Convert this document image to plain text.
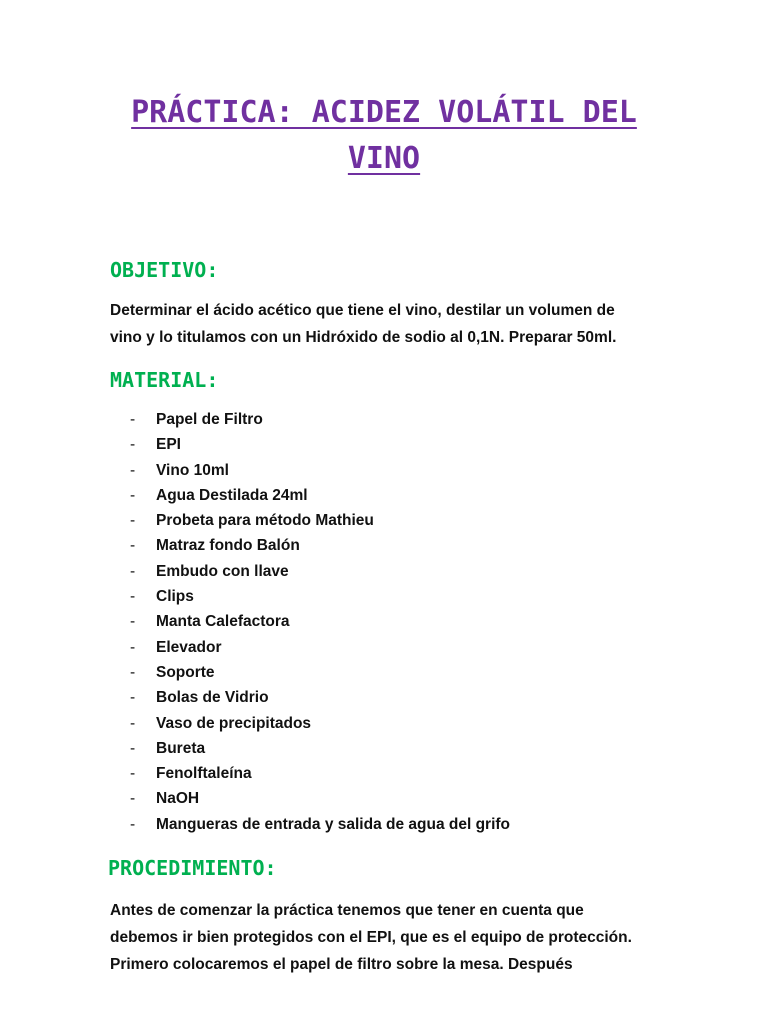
PRÁCTICA: ACIDEZ VOLÁTIL DEL
VINO
OBJETIVO:

Determinar el ácido acético que tiene el vino, destilar un volumen de
vino y lo titulamos con un Hidróxido de sodio al 0,1N. Preparar 50ml.

MATERIAL:
- Papel de Filtro
- EPI
- Vino 10ml
- Agua Destilada 24ml
- Probeta para método Mathieu
- Matraz fondo Balón
- Embudo con llave
- Clips
- Manta Calefactora
- Elevador
- Soporte
- Bolas de Vidrio
- Vaso de precipitados
- Bureta
- Fenolftaleína
- NaOH
- Mangueras de entrada y salida de agua del grifo
PROCEDIMIENTO:

Antes de comenzar la práctica tenemos que tener en cuenta que
debemos ir bien protegidos con el EPI, que es el equipo de protección.
Primero colocaremos el papel de filtro sobre la mesa. Después
